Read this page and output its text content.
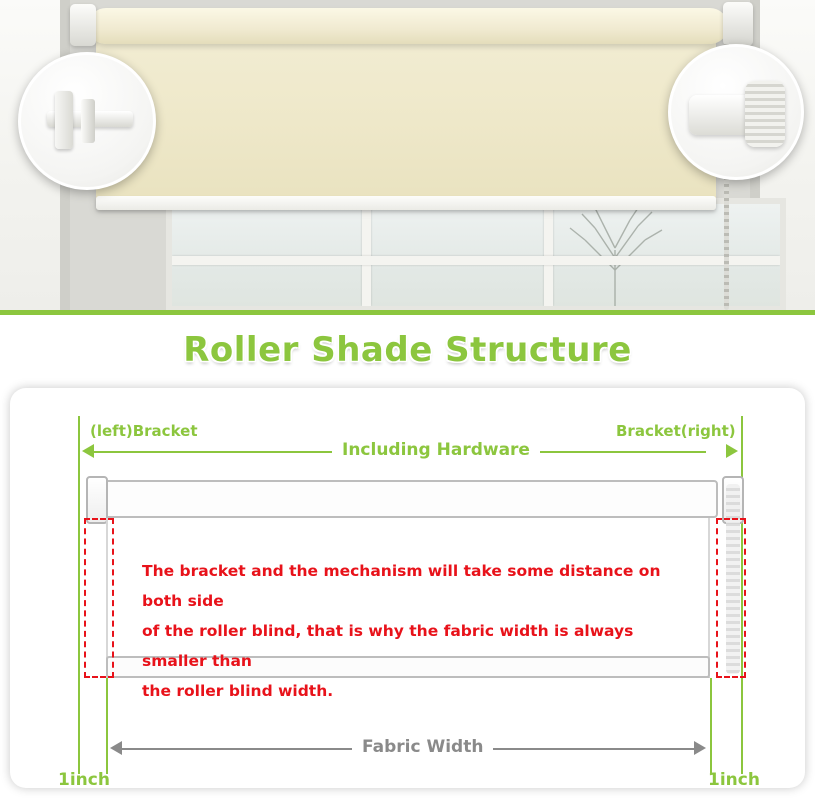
Roller Shade Structure
(left)Bracket	Bracket(right)
Including Hardware
The bracket and the mechanism will take some distance on both side
of the roller blind, that is why the fabric width is always smaller than
the roller blind width.
Fabric Width
1inch	1inch
